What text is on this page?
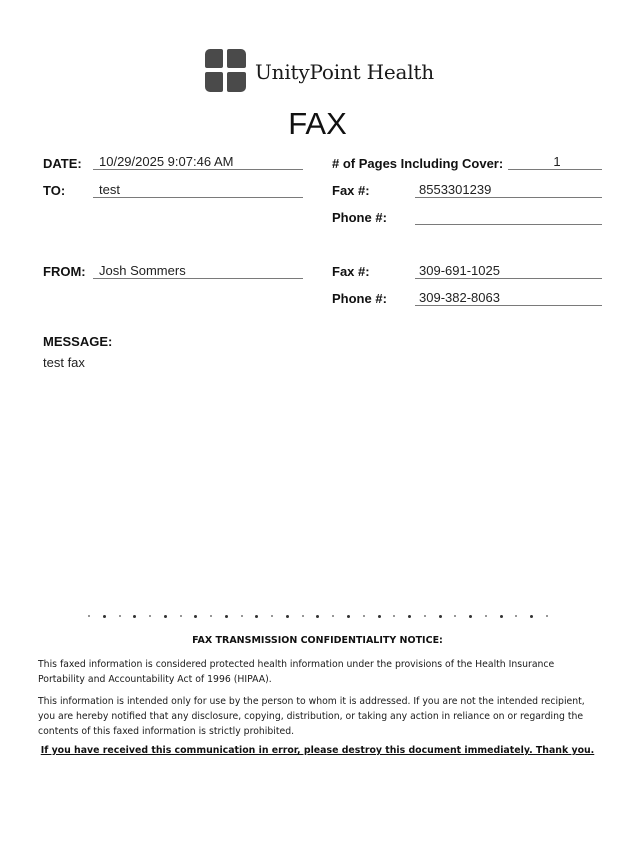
UnityPoint Health
FAX
DATE:	10/29/2025 9:07:46 AM
TO:	test
# of Pages Including Cover:	1
Fax #:	8553301239
Phone #:
FROM:	Josh Sommers	Fax #:	309-691-1025
Phone #:	309-382-8063
MESSAGE:
test fax
FAX TRANSMISSION CONFIDENTIALITY NOTICE:
This faxed information is considered protected health information under the provisions of the Health Insurance Portability and Accountability Act of 1996 (HIPAA).
This information is intended only for use by the person to whom it is addressed. If you are not the intended recipient, you are hereby notified that any disclosure, copying, distribution, or taking any action in reliance on or regarding the contents of this faxed information is strictly prohibited.
If you have received this communication in error, please destroy this document immediately. Thank you.
